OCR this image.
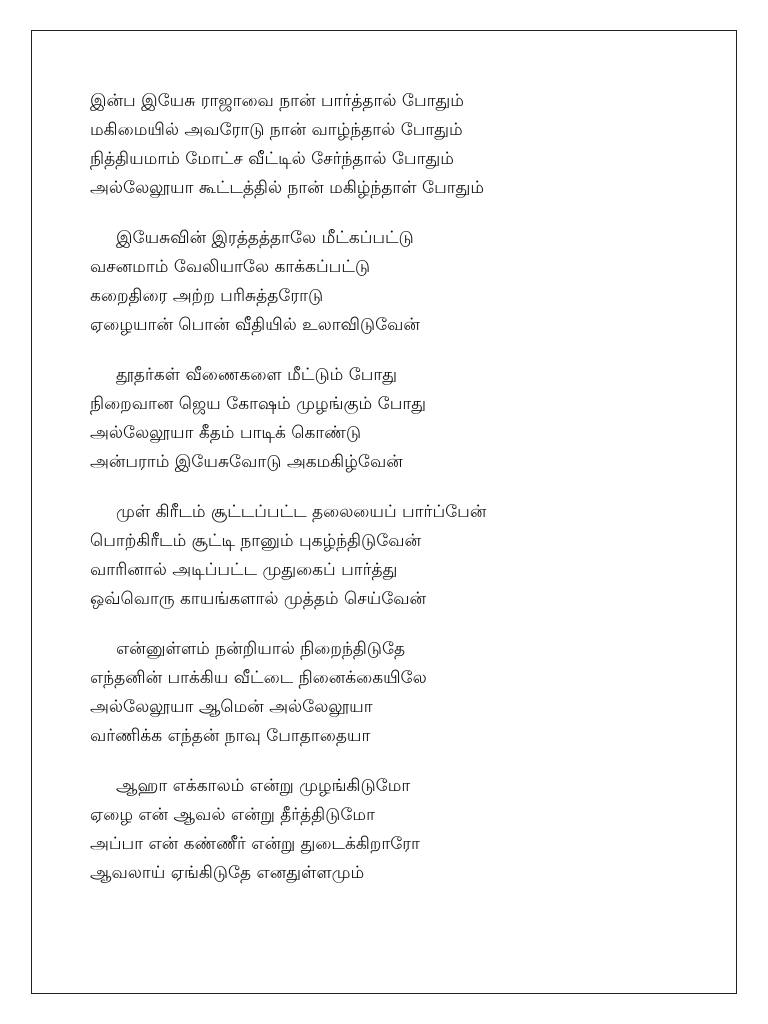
இன்ப இயேசு ராஜாவை நான் பார்த்தால் போதும்
மகிமையில் அவரோடு நான் வாழ்ந்தால் போதும்
நித்தியமாம் மோட்ச வீட்டில் சேர்ந்தால் போதும்
அல்லேலூயா கூட்டத்தில் நான் மகிழ்ந்தாள் போதும்
இயேசுவின் இரத்தத்தாலே மீட்கப்பட்டு
வசனமாம் வேலியாலே காக்கப்பட்டு
கறைதிரை அற்ற பரிசுத்தரோடு
ஏழையான் பொன் வீதியில் உலாவிடுவேன்
தூதர்கள் வீணைகளை மீட்டும் போது
நிறைவான ஜெய கோஷம் முழங்கும் போது
அல்லேலூயா கீதம் பாடிக் கொண்டு
அன்பராம் இயேசுவோடு அகமகிழ்வேன்
முள் கிரீடம் சூட்டப்பட்ட தலையைப் பார்ப்பேன்
பொற்கிரீடம் சூட்டி நானும் புகழ்ந்திடுவேன்
வாரினால் அடிப்பட்ட முதுகைப் பார்த்து
ஒவ்வொரு காயங்களால் முத்தம் செய்வேன்
என்னுள்ளம் நன்றியால் நிறைந்திடுதே
எந்தனின் பாக்கிய வீட்டை நினைக்கையிலே
அல்லேலூயா ஆமென் அல்லேலூயா
வர்ணிக்க எந்தன் நாவு போதாதையா
ஆஹா எக்காலம் என்று முழங்கிடுமோ
ஏழை என் ஆவல் என்று தீர்த்திடுமோ
அப்பா என் கண்ணீர் என்று துடைக்கிறாரோ
ஆவலாய் ஏங்கிடுதே எனதுள்ளமும்
